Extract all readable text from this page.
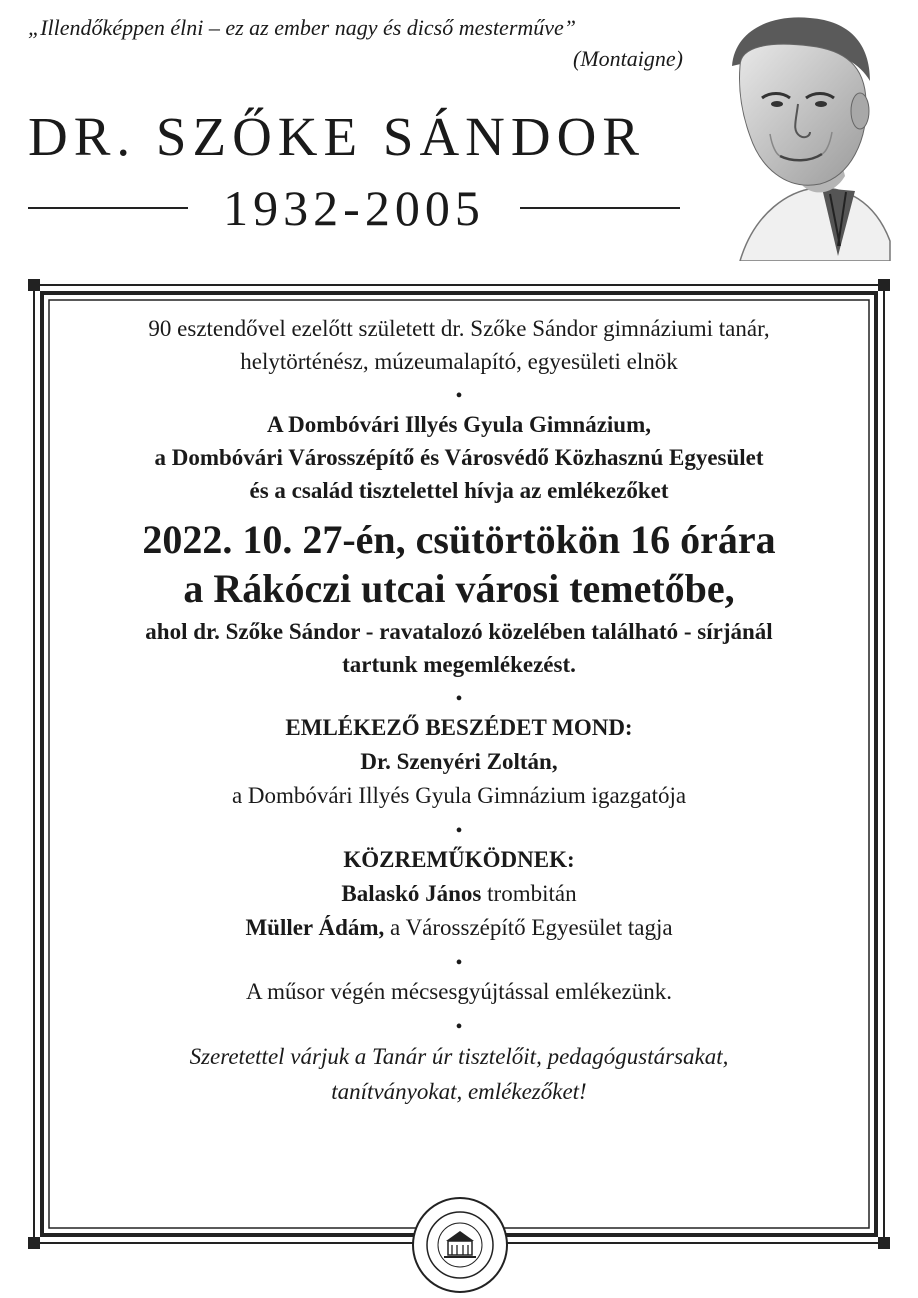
„Illendőképpen élni – ez az ember nagy és dicső mesterműve”
(Montaigne)
DR. SZŐKE SÁNDOR
1932-2005

90 esztendővel ezelőtt született dr. Szőke Sándor gimnáziumi tanár,
helytörténész, múzeumalapító, egyesületi elnök

•

A Dombóvári Illyés Gyula Gimnázium,
a Dombóvári Városszépítő és Városvédő Közhasznú Egyesület
és a család tisztelettel hívja az emlékezőket

2022. 10. 27-én, csütörtökön 16 órára
a Rákóczi utcai városi temetőbe,

ahol dr. Szőke Sándor - ravatalozó közelében található - sírjánál
tartunk megemlékezést.

•

EMLÉKEZŐ BESZÉDET MOND:
Dr. Szenyéri Zoltán,
a Dombóvári Illyés Gyula Gimnázium igazgatója

•

KÖZREMŰKÖDNEK:
Balaskó János trombitán
Müller Ádám, a Városszépítő Egyesület tagja

•

A műsor végén mécsesgyújtással emlékezünk.

•

Szeretettel várjuk a Tanár úr tisztelőit, pedagógustársakat,
tanítványokat, emlékezőket!
